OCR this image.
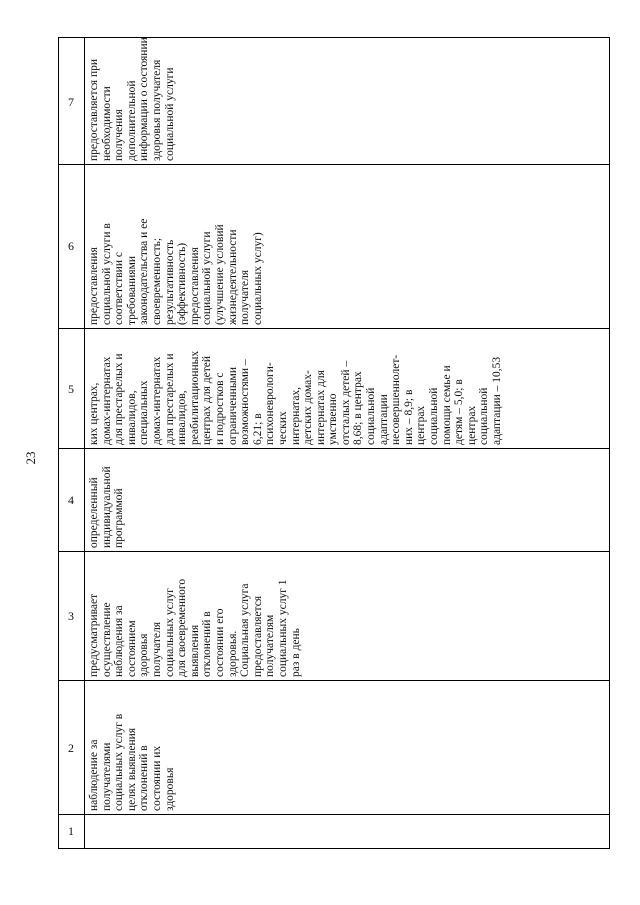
23
7
6
5
4
3
2
1
предоставляется при
необходимости
получения
дополнительной
информации о состоянии
здоровья получателя
социальной услуги
предоставления
социальной услуги в
соответствии с
требованиями
законодательства и ее
своевременность;
результативность
(эффективность)
предоставления
социальной услуги
(улучшение условий
жизнедеятельности
получателя
социальных услуг)
ких центрах,
домах-интернатах
для престарелых и
инвалидов,
специальных
домах-интернатах
для престарелых и
инвалидов,
реабилитационных
центрах для детей
и подростков с
ограниченными
возможностями –
6,21; в
психоневрологи-
ческих
интернатах,
детских домах-
интернатах для
умственно
отсталых детей –
8,68; в центрах
социальной
адаптации
несовершеннолет-
них – 8,9; в
центрах
социальной
помощи семье и
детям – 5,0; в
центрах
социальной
адаптации – 10,53
определенный
индивидуальной
программой
предусматривает
осуществление
наблюдения за
состоянием
здоровья
получателя
социальных услуг
для своевременного
выявления
отклонений в
состоянии его
здоровья.
Социальная услуга
предоставляется
получателям
социальных услуг 1
раз в день
наблюдение за
получателями
социальных услуг в
целях выявления
отклонений в
состоянии их
здоровья
